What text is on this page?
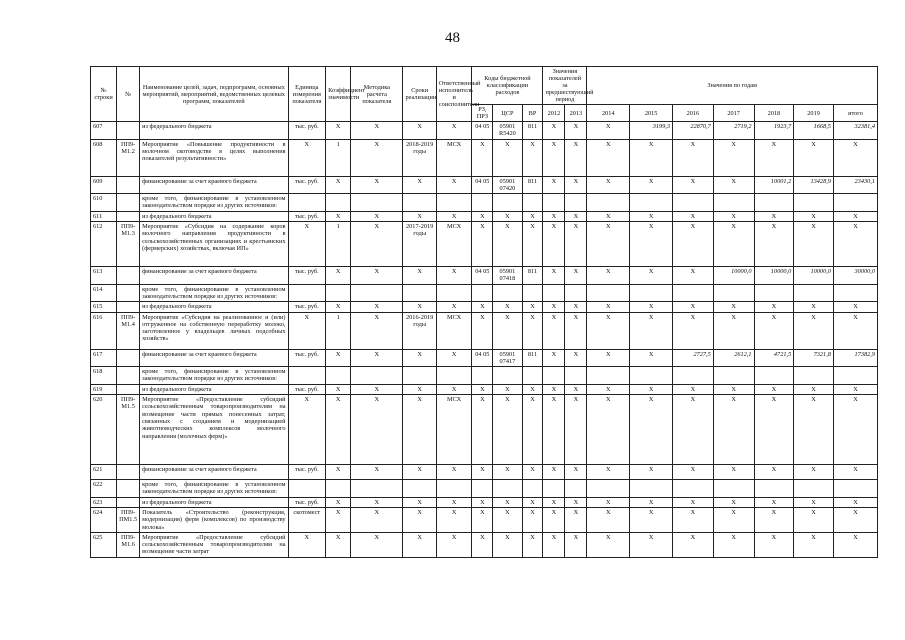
48
№ строки	№	Наименование целей, задач, подпрограмм, основных мероприятий, мероприятий, ведомственных целевых программ, показателей	Единица измерения показателя	Коэффициент значимости	Методика расчета показателя	Сроки реализации	Ответственный исполнитель и соисполнители	Коды бюджетной классификации расходов			Значения показателей за предшествующий период		Значения по годам						
								РЗ, ПРЗ	ЦСР	ВР	2012	2013	2014	2015	2016	2017	2018	2019	итого
607		из федерального бюджета	тыс. руб.	X	X	X	X	04 05	05901 R5420	811	X	X	X	3199,3	22870,7	2719,2	1923,7	1668,5	32381,4
608	ПП9-М1.2	Мероприятие «Повышение продуктивности в молочном скотоводстве в целях выполнения показателей результативности»	X	1	X	2018-2019 годы	МСХ	X	X	X	X	X	X	X	X	X	X	X	X
609		финансирование за счет краевого бюджета	тыс. руб.	X	X	X	X	04 05	05901 07420	811	X	X	X	X	X	X	10001,2	13428,9	23430,1
610		кроме того, финансирование в установленном законодательством порядке из других источников:																	
611		из федерального бюджета	тыс. руб.	X	X	X	X	X	X	X	X	X	X	X	X	X	X	X	X
612	ПП9-М1.3	Мероприятие «Субсидия на содержание коров молочного направления продуктивности в сельскохозяйственных организациях и крестьянских (фермерских) хозяйствах, включая ИП»	X	1	X	2017-2019 годы	МСХ	X	X	X	X	X	X	X	X	X	X	X	X
613		финансирование за счет краевого бюджета	тыс. руб.	X	X	X	X	04 05	05901 07418	811	X	X	X	X	X	10000,0	10000,0	10000,0	30000,0
614		кроме того, финансирование в установленном законодательством порядке из других источников:																	
615		из федерального бюджета	тыс. руб.	X	X	X	X	X	X	X	X	X	X	X	X	X	X	X	X
616	ПП9-М1.4	Мероприятие «Субсидия на реализованное и (или) отгруженное на собственную переработку молоко, заготовленное у владельцев личных подсобных хозяйств»	X	1	X	2016-2019 годы	МСХ	X	X	X	X	X	X	X	X	X	X	X	X
617		финансирование за счет краевого бюджета	тыс. руб.	X	X	X	X	04 05	05901 07417	811	X	X	X	X	2727,5	2612,1	4721,5	7321,8	17382,9
618		кроме того, финансирование в установленном законодательством порядке из других источников:																	
619		из федерального бюджета	тыс. руб.	X	X	X	X	X	X	X	X	X	X	X	X	X	X	X	X
620	ПП9-М1.5	Мероприятие «Предоставление субсидий сельскохозяйственным товаропроизводителям на возмещение части прямых понесенных затрат, связанных с созданием и модернизацией животноводческих комплексов молочного направления (молочных ферм)»	X	X	X	X	МСХ	X	X	X	X	X	X	X	X	X	X	X	X
621		финансирование за счет краевого бюджета	тыс. руб.	X	X	X	X	X	X	X	X	X	X	X	X	X	X	X	X
622		кроме того, финансирование в установленном законодательством порядке из других источников:																	
623		из федерального бюджета	тыс. руб.	X	X	X	X	X	X	X	X	X	X	X	X	X	X	X	X
624	ПП9-ПМ1.5	Показатель «Строительство (реконструкция, модернизация) ферм (комплексов) по производству молока»	скотомест	X	X	X	X	X	X	X	X	X	X	X	X	X	X	X	X
625	ПП9-М1.6	Мероприятие «Предоставление субсидий сельскохозяйственным товаропроизводителям на возмещение части затрат	X	X	X	X	X	X	X	X	X	X	X	X	X	X	X	X	X
